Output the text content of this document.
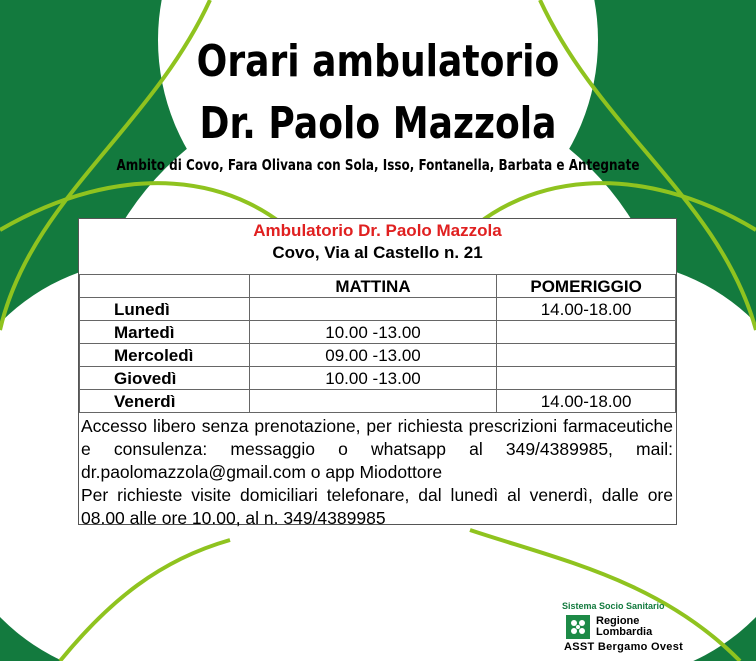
Orari ambulatorio
Dr. Paolo Mazzola
Ambito di Covo, Fara Olivana con Sola, Isso, Fontanella, Barbata e Antegnate
Ambulatorio Dr. Paolo Mazzola
Covo, Via al Castello n. 21
	MATTINA	POMERIGGIO
Lunedì		14.00-18.00
Martedì	10.00 -13.00	
Mercoledì	09.00 -13.00	
Giovedì	10.00 -13.00	
Venerdì		14.00-18.00

Accesso libero senza prenotazione, per richiesta prescrizioni farmaceutiche e consulenza: messaggio o whatsapp al 349/4389985, mail: dr.paolomazzola@gmail.com o app Miodottore

Per richieste visite domiciliari telefonare, dal lunedì al venerdì, dalle ore 08.00 alle ore 10.00, al n. 349/4389985

Sistema Socio Sanitario
Regione
Lombardia
ASST Bergamo Ovest
